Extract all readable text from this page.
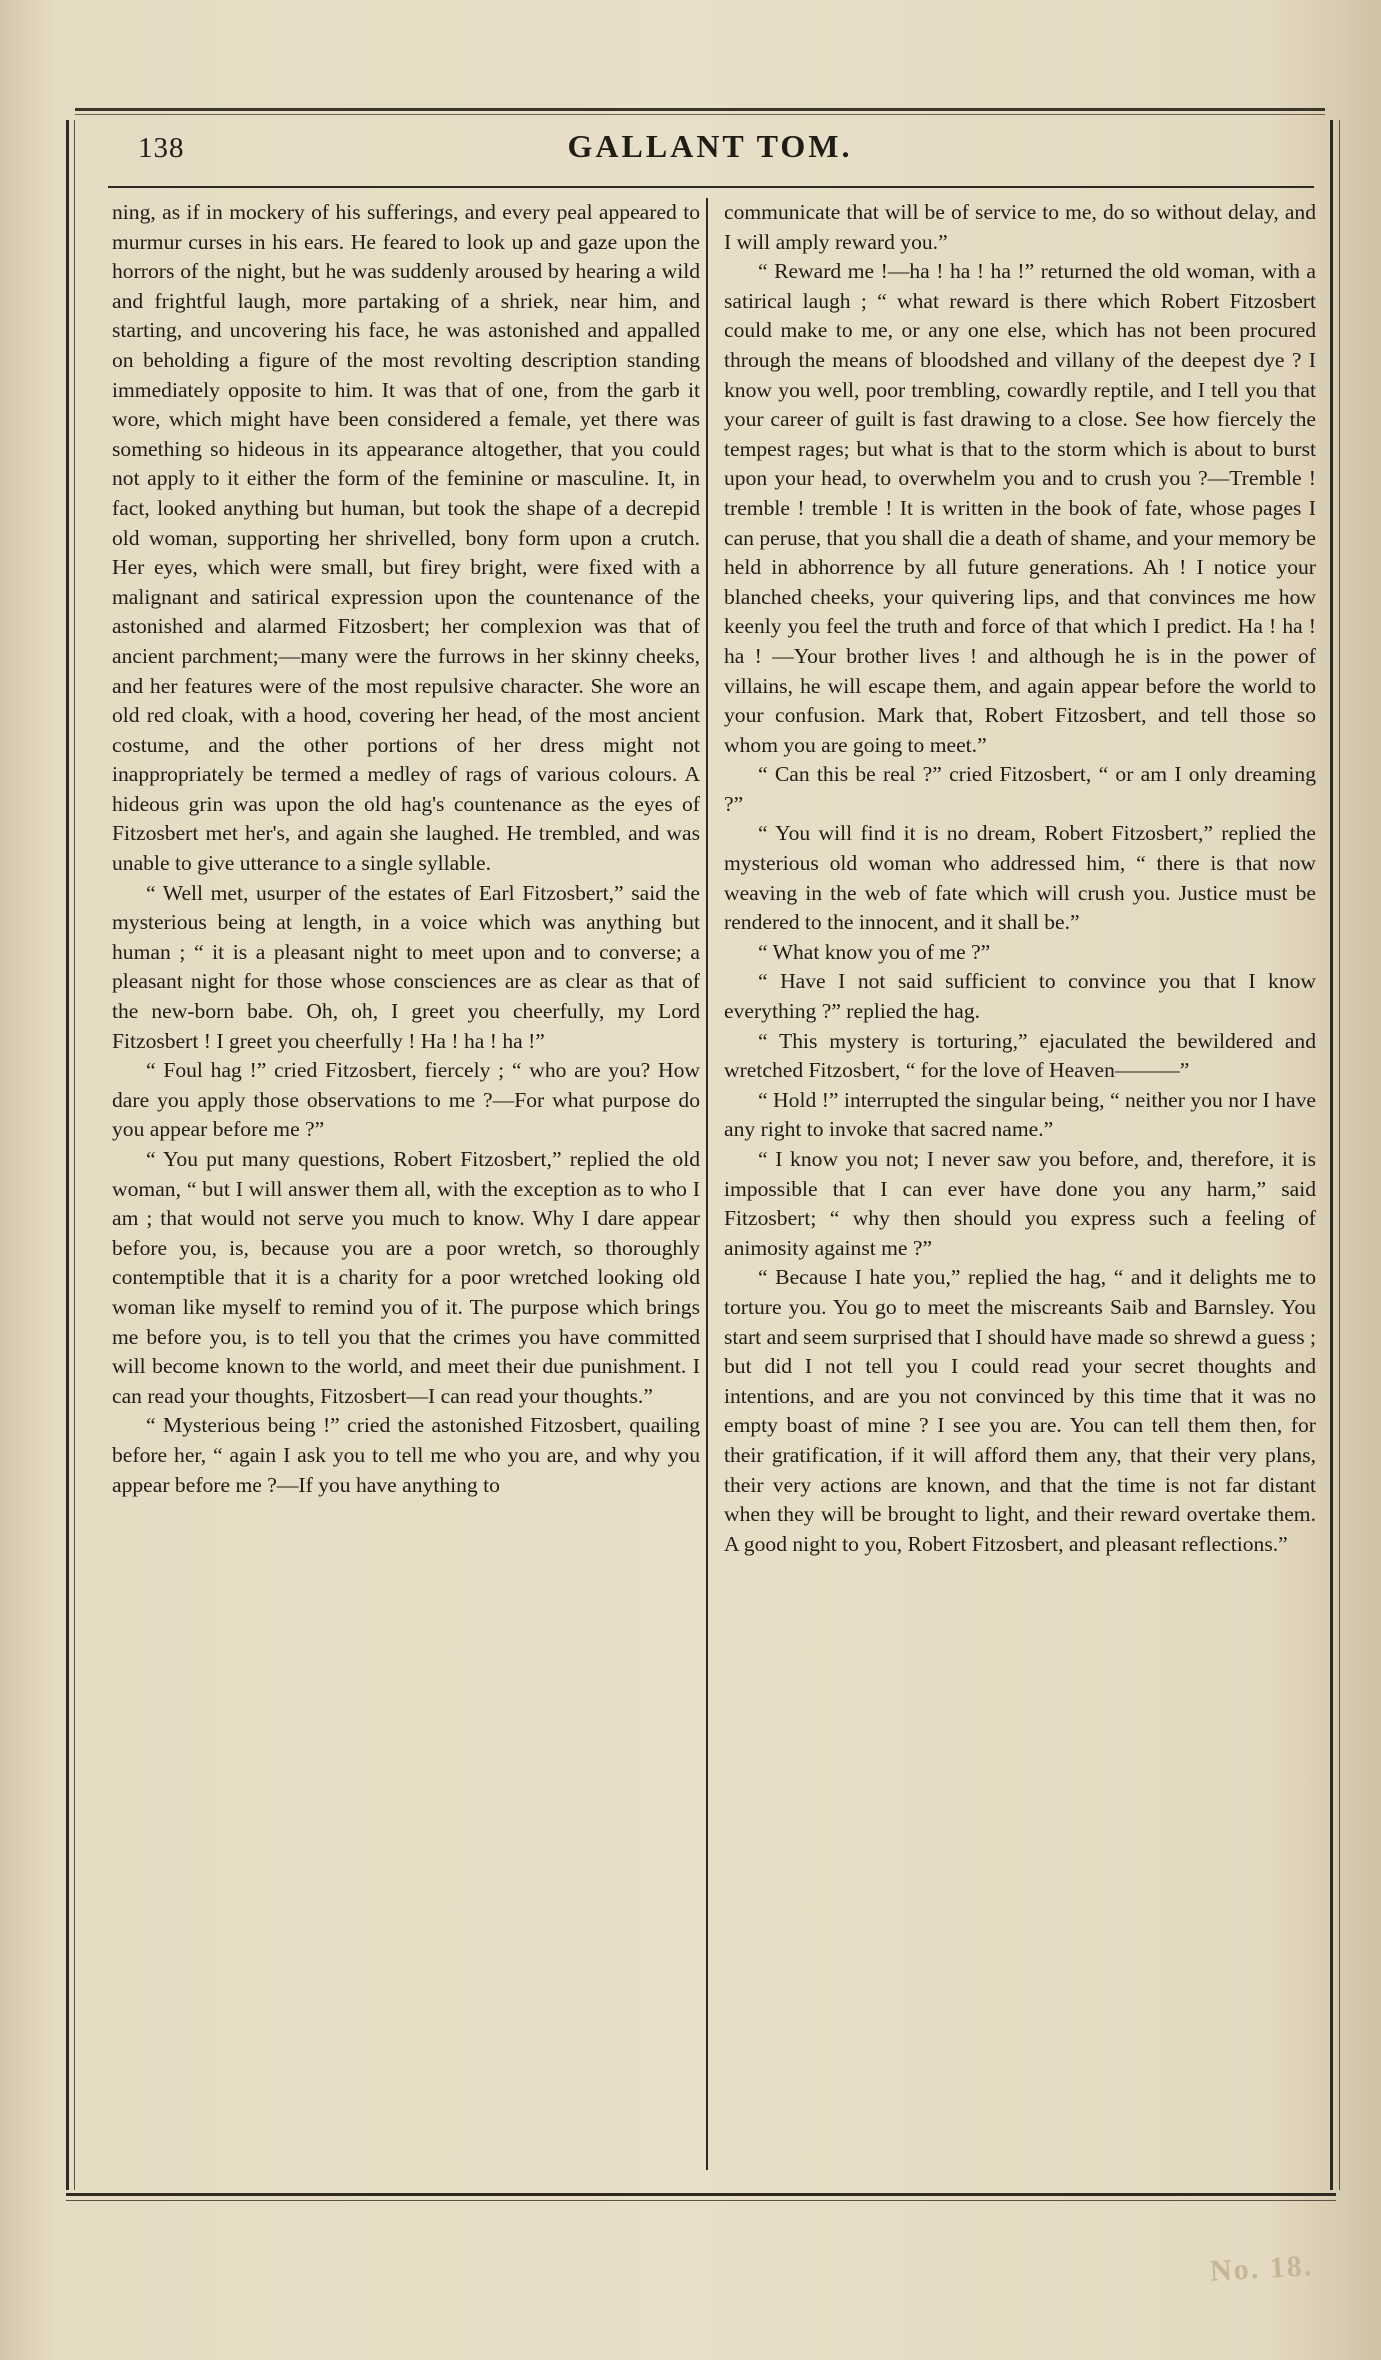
138	GALLANT TOM.

ning, as if in mockery of his sufferings, and every peal appeared to murmur curses in his ears. He feared to look up and gaze upon the horrors of the night, but he was suddenly aroused by hearing a wild and frightful laugh, more partaking of a shriek, near him, and starting, and uncovering his face, he was astonished and appalled on beholding a figure of the most revolting description standing immediately opposite to him. It was that of one, from the garb it wore, which might have been considered a female, yet there was something so hideous in its appearance altogether, that you could not apply to it either the form of the feminine or masculine. It, in fact, looked anything but human, but took the shape of a decrepid old woman, supporting her shrivelled, bony form upon a crutch. Her eyes, which were small, but firey bright, were fixed with a malignant and satirical expression upon the countenance of the astonished and alarmed Fitzosbert; her complexion was that of ancient parchment;—many were the furrows in her skinny cheeks, and her features were of the most repulsive character. She wore an old red cloak, with a hood, covering her head, of the most ancient costume, and the other portions of her dress might not inappropriately be termed a medley of rags of various colours. A hideous grin was upon the old hag's countenance as the eyes of Fitzosbert met her's, and again she laughed. He trembled, and was unable to give utterance to a single syllable.

“ Well met, usurper of the estates of Earl Fitzosbert,” said the mysterious being at length, in a voice which was anything but human ; “ it is a pleasant night to meet upon and to converse; a pleasant night for those whose consciences are as clear as that of the new-born babe. Oh, oh, I greet you cheerfully, my Lord Fitzosbert ! I greet you cheerfully ! Ha ! ha ! ha !”

“ Foul hag !” cried Fitzosbert, fiercely ; “ who are you? How dare you apply those observations to me ?—For what purpose do you appear before me ?”

“ You put many questions, Robert Fitzosbert,” replied the old woman, “ but I will answer them all, with the exception as to who I am ; that would not serve you much to know. Why I dare appear before you, is, because you are a poor wretch, so thoroughly contemptible that it is a charity for a poor wretched looking old woman like myself to remind you of it. The purpose which brings me before you, is to tell you that the crimes you have committed will become known to the world, and meet their due punishment. I can read your thoughts, Fitzosbert—I can read your thoughts.”

“ Mysterious being !” cried the astonished Fitzosbert, quailing before her, “ again I ask you to tell me who you are, and why you appear before me ?—If you have anything to

communicate that will be of service to me, do so without delay, and I will amply reward you.”

“ Reward me !—ha ! ha ! ha !” returned the old woman, with a satirical laugh ; “ what reward is there which Robert Fitzosbert could make to me, or any one else, which has not been procured through the means of bloodshed and villany of the deepest dye ? I know you well, poor trembling, cowardly reptile, and I tell you that your career of guilt is fast drawing to a close. See how fiercely the tempest rages; but what is that to the storm which is about to burst upon your head, to overwhelm you and to crush you ?—Tremble ! tremble ! tremble ! It is written in the book of fate, whose pages I can peruse, that you shall die a death of shame, and your memory be held in abhorrence by all future generations. Ah ! I notice your blanched cheeks, your quivering lips, and that convinces me how keenly you feel the truth and force of that which I predict. Ha ! ha ! ha ! —Your brother lives ! and although he is in the power of villains, he will escape them, and again appear before the world to your confusion. Mark that, Robert Fitzosbert, and tell those so whom you are going to meet.”

“ Can this be real ?” cried Fitzosbert, “ or am I only dreaming ?”

“ You will find it is no dream, Robert Fitzosbert,” replied the mysterious old woman who addressed him, “ there is that now weaving in the web of fate which will crush you. Justice must be rendered to the innocent, and it shall be.”

“ What know you of me ?”

“ Have I not said sufficient to convince you that I know everything ?” replied the hag.

“ This mystery is torturing,” ejaculated the bewildered and wretched Fitzosbert, “ for the love of Heaven———”

“ Hold !” interrupted the singular being, “ neither you nor I have any right to invoke that sacred name.”

“ I know you not; I never saw you before, and, therefore, it is impossible that I can ever have done you any harm,” said Fitzosbert; “ why then should you express such a feeling of animosity against me ?”

“ Because I hate you,” replied the hag, “ and it delights me to torture you. You go to meet the miscreants Saib and Barnsley. You start and seem surprised that I should have made so shrewd a guess ; but did I not tell you I could read your secret thoughts and intentions, and are you not convinced by this time that it was no empty boast of mine ? I see you are. You can tell them then, for their gratification, if it will afford them any, that their very plans, their very actions are known, and that the time is not far distant when they will be brought to light, and their reward overtake them. A good night to you, Robert Fitzosbert, and pleasant reflections.”

No. 18.
